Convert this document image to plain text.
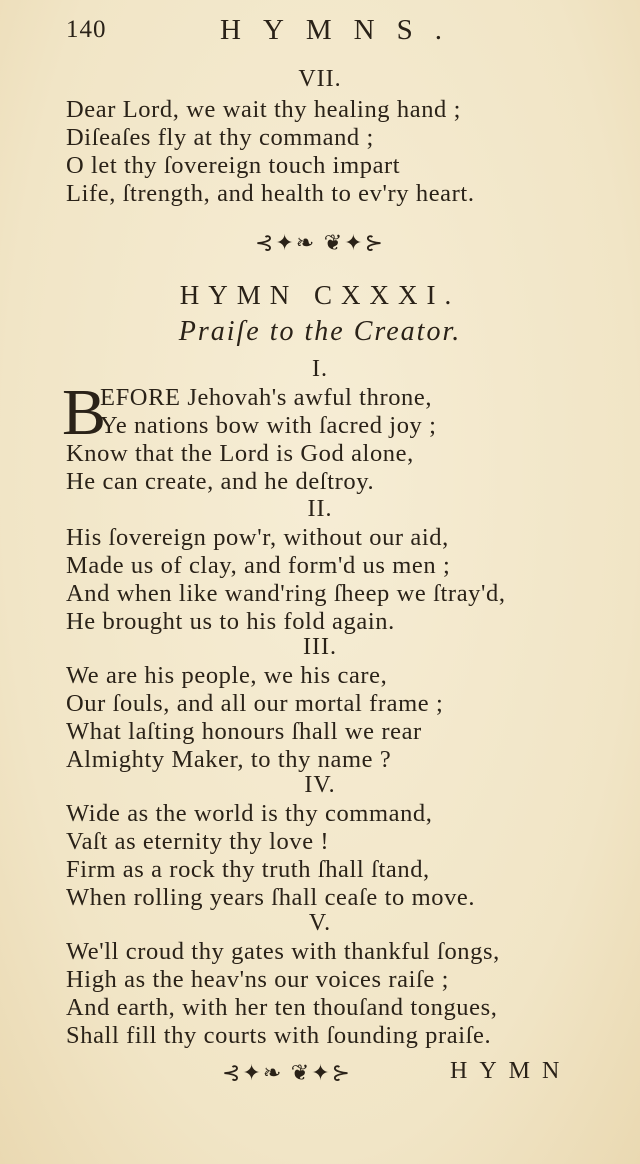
140	HYMNS.
VII.
Dear Lord, we wait thy healing hand ;
Diſeaſes fly at thy command ;
O let thy ſovereign touch impart
Life, ſtrength, and health to ev'ry heart.
⊰✦❧ ❦✦⊱
HYMN CXXXI.
Praiſe to the Creator.
I.
B
EFORE Jehovah's awful throne,
Ye nations bow with ſacred joy ;
Know that the Lord is God alone,
He can create, and he deſtroy.
II.
His ſovereign pow'r, without our aid,
Made us of clay, and form'd us men ;
And when like wand'ring ſheep we ſtray'd,
He brought us to his fold again.
III.
We are his people, we his care,
Our ſouls, and all our mortal frame ;
What laſting honours ſhall we rear
Almighty Maker, to thy name ?
IV.
Wide as the world is thy command,
Vaſt as eternity thy love !
Firm as a rock thy truth ſhall ſtand,
When rolling years ſhall ceaſe to move.
V.
We'll croud thy gates with thankful ſongs,
High as the heav'ns our voices raiſe ;
And earth, with her ten thouſand tongues,
Shall fill thy courts with ſounding praiſe.
⊰✦❧ ❦✦⊱	HYMN
